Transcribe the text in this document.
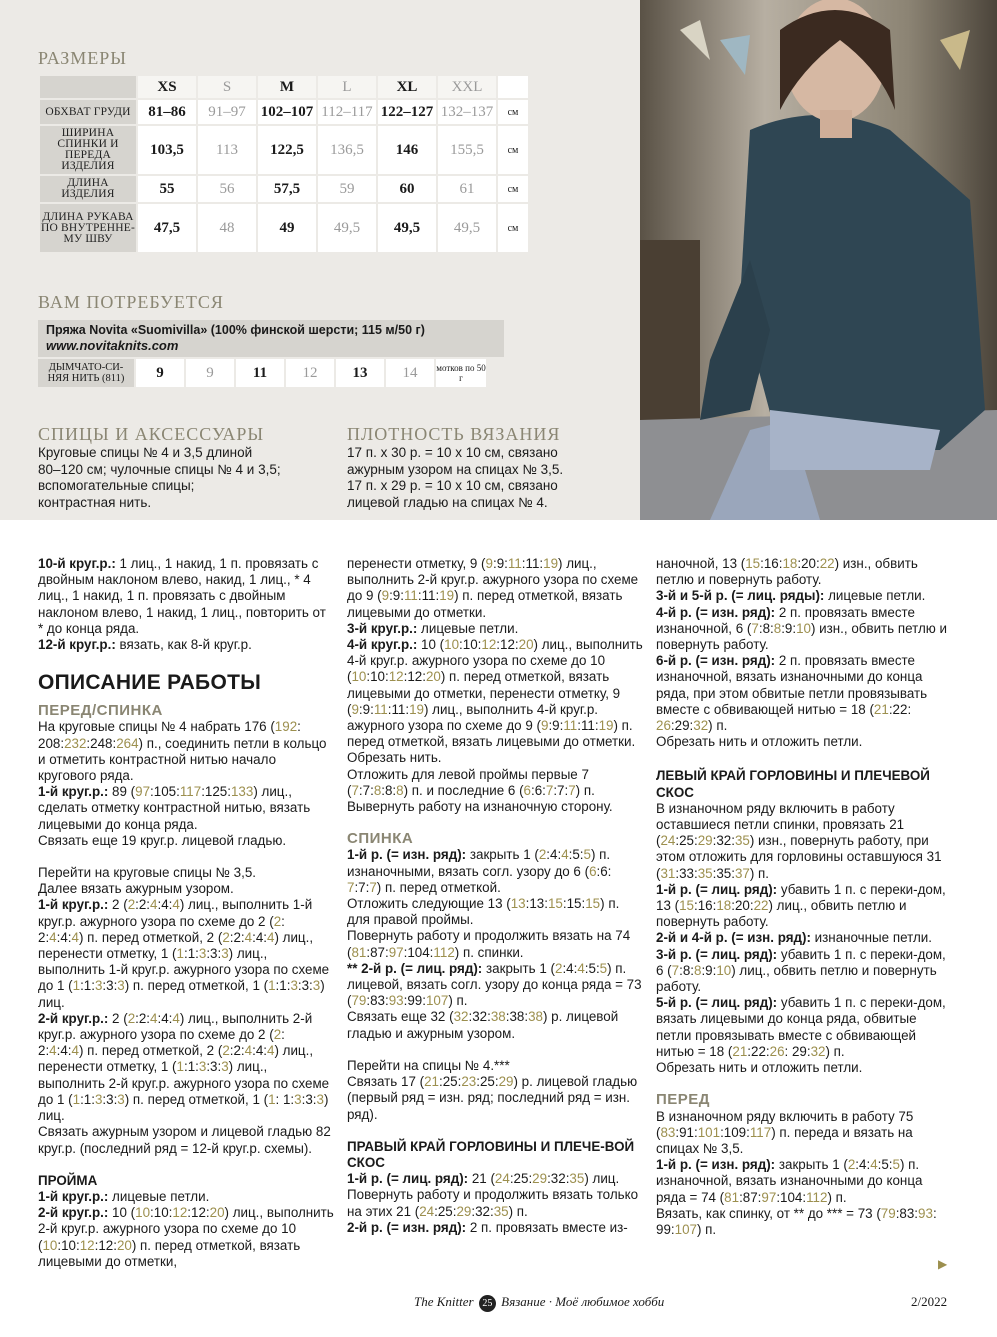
РАЗМЕРЫ
	XS	S	M	L	XL	XXL	
ОБХВАТ ГРУДИ	81–86	91–97	102–107	112–117	122–127	132–137	см
ШИРИНА СПИНКИ И ПЕРЕДА ИЗДЕЛИЯ	103,5	113	122,5	136,5	146	155,5	см
ДЛИНА ИЗДЕЛИЯ	55	56	57,5	59	60	61	см
ДЛИНА РУКАВА ПО ВНУТРЕННЕ-МУ ШВУ	47,5	48	49	49,5	49,5	49,5	см
ВАМ ПОТРЕБУЕТСЯ
Пряжа Novita «Suomivilla» (100% финской шерсти; 115 м/50 г)
www.novitaknits.com
ДЫМЧАТО-СИ-НЯЯ НИТЬ (811)	9	9	11	12	13	14	мотков по 50 г
СПИЦЫ И АКСЕССУАРЫ
Круговые спицы № 4 и 3,5 длиной
80–120 см; чулочные спицы № 4 и 3,5;
вспомогательные спицы;
контрастная нить.
ПЛОТНОСТЬ ВЯЗАНИЯ
17 п. х 30 р. = 10 х 10 см, связано
ажурным узором на спицах № 3,5.
17 п. х 29 р. = 10 х 10 см, связано
лицевой гладью на спицах № 4.

10-й круг.р.: 1 лиц., 1 накид, 1 п. провязать с двойным наклоном влево, накид, 1 лиц., * 4 лиц., 1 накид, 1 п. провязать с двойным наклоном влево, 1 накид, 1 лиц., повторить от * до конца ряда.

12-й круг.р.: вязать, как 8-й круг.р.

ОПИСАНИЕ РАБОТЫ

ПЕРЕД/СПИНКА

На круговые спицы № 4 набрать 176 (192: 208:232:248:264) п., соединить петли в кольцо и отметить контрастной нитью начало кругового ряда.

1-й круг.р.: 89 (97:105:117:125:133) лиц., сделать отметку контрастной нитью, вязать лицевыми до конца ряда.

Связать еще 19 круг.р. лицевой гладью.

Перейти на круговые спицы № 3,5.

Далее вязать ажурным узором.

1-й круг.р.: 2 (2:2:4:4:4) лиц., выполнить 1-й круг.р. ажурного узора по схеме до 2 (2: 2:4:4:4) п. перед отметкой, 2 (2:2:4:4:4) лиц., перенести отметку, 1 (1:1:3:3:3) лиц., выполнить 1-й круг.р. ажурного узора по схеме до 1 (1:1:3:3:3) п. перед отметкой, 1 (1:1:3:3:3) лиц.

2-й круг.р.: 2 (2:2:4:4:4) лиц., выполнить 2-й круг.р. ажурного узора по схеме до 2 (2: 2:4:4:4) п. перед отметкой, 2 (2:2:4:4:4) лиц., перенести отметку, 1 (1:1:3:3:3) лиц., выполнить 2-й круг.р. ажурного узора по схеме до 1 (1:1:3:3:3) п. перед отметкой, 1 (1: 1:3:3:3) лиц.

Связать ажурным узором и лицевой гладью 82 круг.р. (последний ряд = 12-й круг.р. схемы).

ПРОЙМА

1-й круг.р.: лицевые петли.

2-й круг.р.: 10 (10:10:12:12:20) лиц., выполнить 2-й круг.р. ажурного узора по схеме до 10 (10:10:12:12:20) п. перед отметкой, вязать лицевыми до отметки,

перенести отметку, 9 (9:9:11:11:19) лиц., выполнить 2-й круг.р. ажурного узора по схеме до 9 (9:9:11:11:19) п. перед отметкой, вязать лицевыми до отметки.

3-й круг.р.: лицевые петли.

4-й круг.р.: 10 (10:10:12:12:20) лиц., выполнить 4-й круг.р. ажурного узора по схеме до 10 (10:10:12:12:20) п. перед отметкой, вязать лицевыми до отметки, перенести отметку, 9 (9:9:11:11:19) лиц., выполнить 4-й круг.р. ажурного узора по схеме до 9 (9:9:11:11:19) п. перед отметкой, вязать лицевыми до отметки.

Обрезать нить.

Отложить для левой проймы первые 7 (7:7:8:8:8) п. и последние 6 (6:6:7:7:7) п. Вывернуть работу на изнаночную сторону.

СПИНКА

1-й р. (= изн. ряд): закрыть 1 (2:4:4:5:5) п. изнаночными, вязать согл. узору до 6 (6:6: 7:7:7) п. перед отметкой.

Отложить следующие 13 (13:13:15:15:15) п. для правой проймы.

Повернуть работу и продолжить вязать на 74 (81:87:97:104:112) п. спинки.

** 2-й р. (= лиц. ряд): закрыть 1 (2:4:4:5:5) п. лицевой, вязать согл. узору до конца ряда = 73 (79:83:93:99:107) п.

Связать еще 32 (32:32:38:38:38) р. лицевой гладью и ажурным узором.

Перейти на спицы № 4.***

Связать 17 (21:25:23:25:29) р. лицевой гладью (первый ряд = изн. ряд; последний ряд = изн. ряд).

ПРАВЫЙ КРАЙ ГОРЛОВИНЫ И ПЛЕЧЕ-ВОЙ СКОС

1-й р. (= лиц. ряд): 21 (24:25:29:32:35) лиц. Повернуть работу и продолжить вязать только на этих 21 (24:25:29:32:35) п.

2-й р. (= изн. ряд): 2 п. провязать вместе из-

наночной, 13 (15:16:18:20:22) изн., обвить петлю и повернуть работу.

3-й и 5-й р. (= лиц. ряды): лицевые петли.

4-й р. (= изн. ряд): 2 п. провязать вместе изнаночной, 6 (7:8:8:9:10) изн., обвить петлю и повернуть работу.

6-й р. (= изн. ряд): 2 п. провязать вместе изнаночной, вязать изнаночными до конца ряда, при этом обвитые петли провязывать вместе с обвивающей нитью = 18 (21:22: 26:29:32) п.

Обрезать нить и отложить петли.

ЛЕВЫЙ КРАЙ ГОРЛОВИНЫ И ПЛЕЧЕВОЙ СКОС

В изнаночном ряду включить в работу оставшиеся петли спинки, провязать 21 (24:25:29:32:35) изн., повернуть работу, при этом отложить для горловины оставшуюся 31 (31:33:35:35:37) п.

1-й р. (= лиц. ряд): убавить 1 п. с переки-дом, 13 (15:16:18:20:22) лиц., обвить петлю и повернуть работу.

2-й и 4-й р. (= изн. ряд): изнаночные петли.

3-й р. (= лиц. ряд): убавить 1 п. с переки-дом, 6 (7:8:8:9:10) лиц., обвить петлю и повернуть работу.

5-й р. (= лиц. ряд): убавить 1 п. с переки-дом, вязать лицевыми до конца ряда, обвитые петли провязывать вместе с обвивающей нитью = 18 (21:22:26: 29:32) п.

Обрезать нить и отложить петли.

ПЕРЕД

В изнаночном ряду включить в работу 75 (83:91:101:109:117) п. переда и вязать на спицах № 3,5.

1-й р. (= изн. ряд): закрыть 1 (2:4:4:5:5) п. изнаночной, вязать изнаночными до конца ряда = 74 (81:87:97:104:112) п.

Вязать, как спинку, от ** до *** = 73 (79:83:93: 99:107) п.

▶
The Knitter 25 Вязание · Моё любимое хобби	2/2022
